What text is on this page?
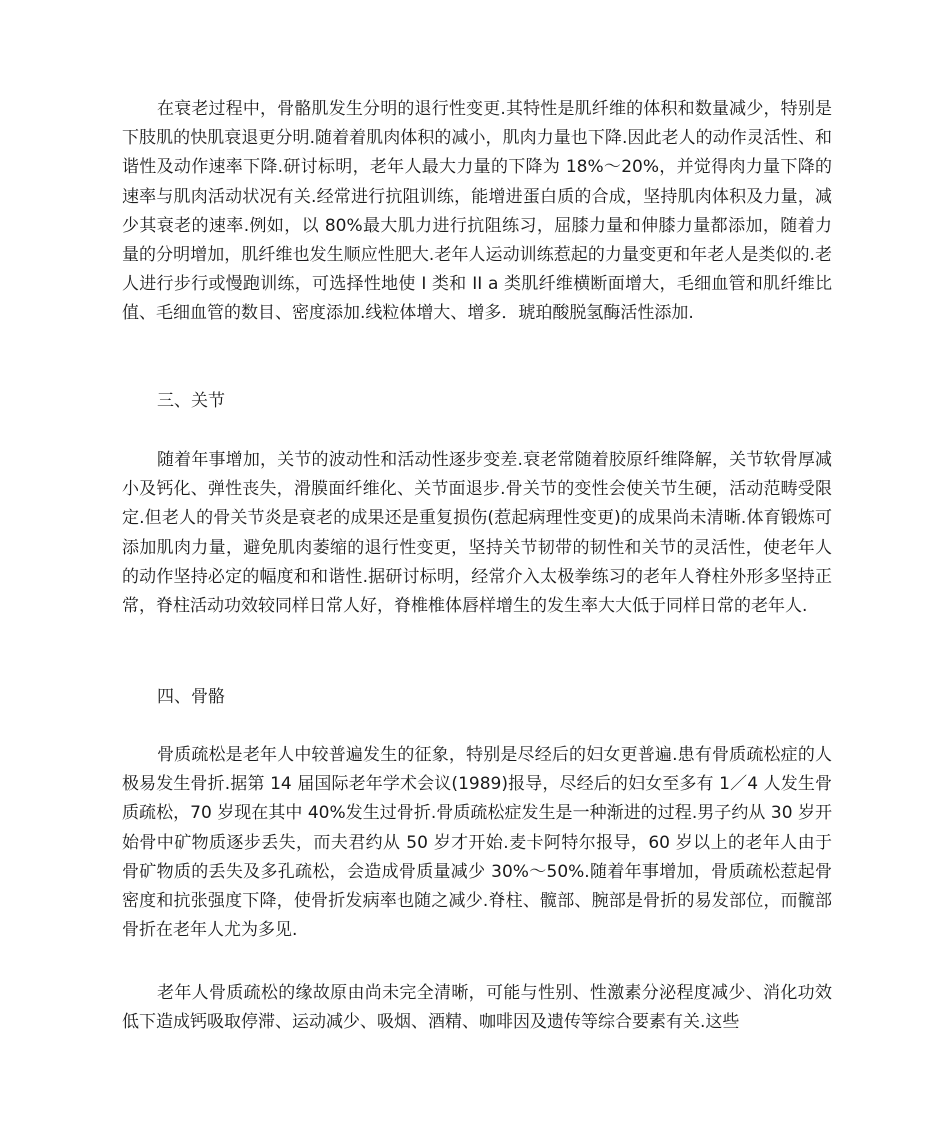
在衰老过程中，骨骼肌发生分明的退行性变更.其特性是肌纤维的体积和数量减少，特别是下肢肌的快肌衰退更分明.随着着肌肉体积的减小，肌肉力量也下降.因此老人的动作灵活性、和谐性及动作速率下降.研讨标明，老年人最大力量的下降为 18%～20%，并觉得肉力量下降的速率与肌肉活动状况有关.经常进行抗阻训练，能增进蛋白质的合成，坚持肌肉体积及力量，减少其衰老的速率.例如，以 80%最大肌力进行抗阻练习，屈膝力量和伸膝力量都添加，随着力量的分明增加，肌纤维也发生顺应性肥大.老年人运动训练惹起的力量变更和年老人是类似的.老人进行步行或慢跑训练，可选择性地使 I 类和 II a 类肌纤维横断面增大，毛细血管和肌纤维比值、毛细血管的数目、密度添加.线粒体增大、增多．琥珀酸脱氢酶活性添加.

三、关节

随着年事增加，关节的波动性和活动性逐步变差.衰老常随着胶原纤维降解，关节软骨厚减小及钙化、弹性丧失，滑膜面纤维化、关节面退步.骨关节的变性会使关节生硬，活动范畴受限定.但老人的骨关节炎是衰老的成果还是重复损伤(惹起病理性变更)的成果尚未清晰.体育锻炼可添加肌肉力量，避免肌肉萎缩的退行性变更，坚持关节韧带的韧性和关节的灵活性，使老年人的动作坚持必定的幅度和和谐性.据研讨标明，经常介入太极拳练习的老年人脊柱外形多坚持正常，脊柱活动功效较同样日常人好，脊椎椎体唇样增生的发生率大大低于同样日常的老年人.

四、骨骼

骨质疏松是老年人中较普遍发生的征象，特别是尽经后的妇女更普遍.患有骨质疏松症的人极易发生骨折.据第 14 届国际老年学术会议(1989)报导，尽经后的妇女至多有 1／4 人发生骨质疏松，70 岁现在其中 40%发生过骨折.骨质疏松症发生是一种渐进的过程.男子约从 30 岁开始骨中矿物质逐步丢失，而夫君约从 50 岁才开始.麦卡阿特尔报导，60 岁以上的老年人由于骨矿物质的丢失及多孔疏松，会造成骨质量减少 30%～50%.随着年事增加，骨质疏松惹起骨密度和抗张强度下降，使骨折发病率也随之减少.脊柱、髋部、腕部是骨折的易发部位，而髋部骨折在老年人尤为多见.

老年人骨质疏松的缘故原由尚未完全清晰，可能与性别、性激素分泌程度减少、消化功效低下造成钙吸取停滞、运动减少、吸烟、酒精、咖啡因及遗传等综合要素有关.这些
